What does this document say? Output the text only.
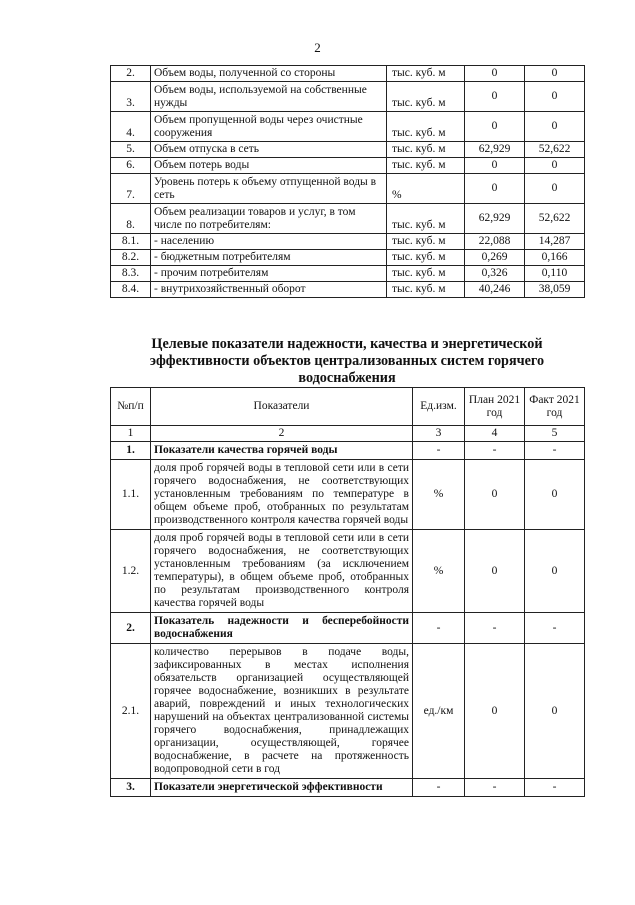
2
2.	Объем воды, полученной со стороны	тыс. куб. м	0	0
3.	Объем воды, используемой на собственные нужды	тыс. куб. м	0	0
4.	Объем пропущенной воды через очистные сооружения	тыс. куб. м	0	0
5.	Объем отпуска в сеть	тыс. куб. м	62,929	52,622
6.	Объем потерь воды	тыс. куб. м	0	0
7.	Уровень потерь к объему отпущенной воды в сеть	%	0	0
8.	Объем реализации товаров и услуг, в том числе по потребителям:	тыс. куб. м	62,929	52,622
8.1.	- населению	тыс. куб. м	22,088	14,287
8.2.	- бюджетным потребителям	тыс. куб. м	0,269	0,166
8.3.	- прочим потребителям	тыс. куб. м	0,326	0,110
8.4.	- внутрихозяйственный оборот	тыс. куб. м	40,246	38,059
Целевые показатели надежности, качества и энергетической эффективности объектов централизованных систем горячего водоснабжения
№п/п	Показатели	Ед.изм.	План 2021 год	Факт 2021 год
1	2	3	4	5
1.	Показатели качества горячей воды	-	-	-
1.1.	доля проб горячей воды в тепловой сети или в сети горячего водоснабжения, не соответствующих установленным требованиям по температуре в общем объеме проб, отобранных по результатам производственного контроля качества горячей воды	%	0	0
1.2.	доля проб горячей воды в тепловой сети или в сети горячего водоснабжения, не соответствующих установленным требованиям (за исключением температуры), в общем объеме проб, отобранных по результатам производственного контроля качества горячей воды	%	0	0
2.	Показатель надежности и бесперебойности водоснабжения	-	-	-
2.1.	количество перерывов в подаче воды, зафиксированных в местах исполнения обязательств организацией осуществляющей горячее водоснабжение, возникших в результате аварий, повреждений и иных технологических нарушений на объектах централизованной системы горячего водоснабжения, принадлежащих организации, осуществляющей, горячее водоснабжение, в расчете на протяженность водопроводной сети в год	ед./км	0	0
3.	Показатели энергетической эффективности	-	-	-
